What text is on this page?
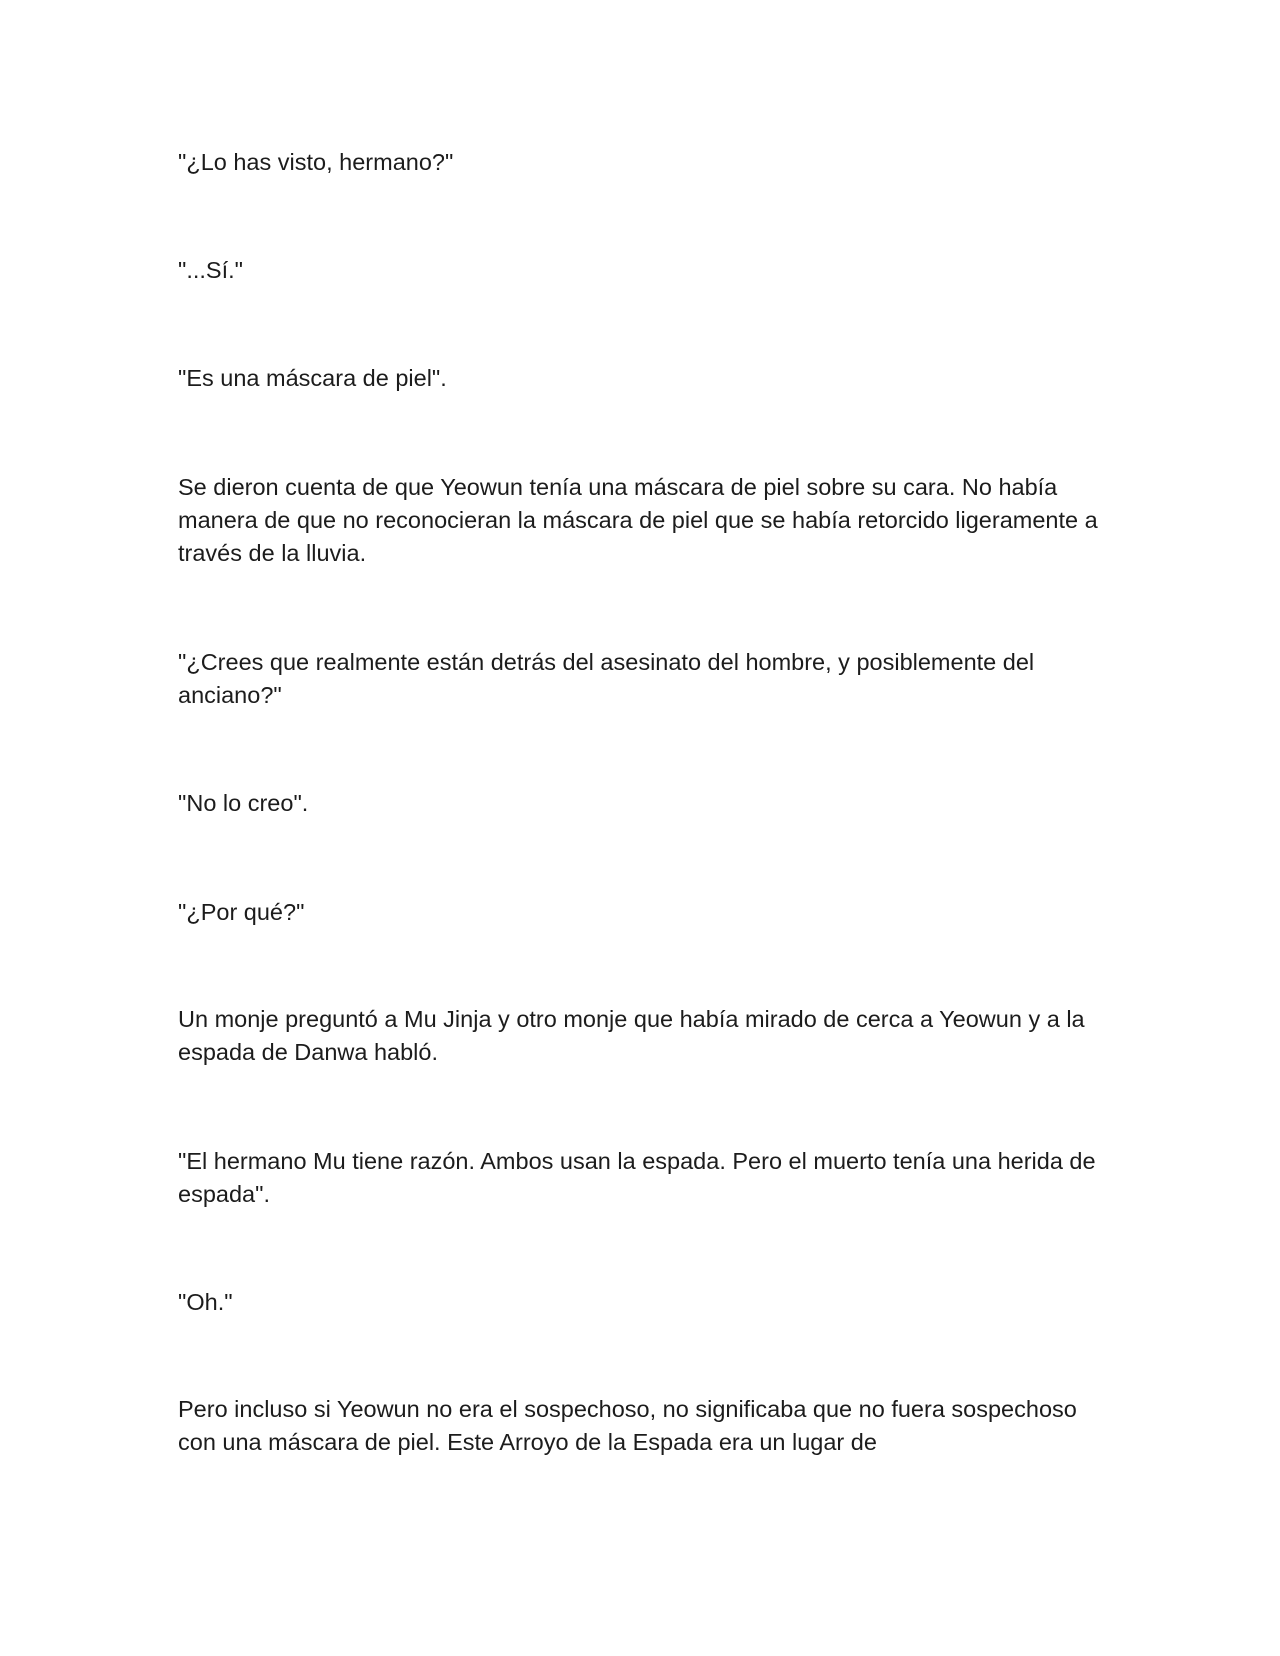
"¿Lo has visto, hermano?"

"...Sí."

"Es una máscara de piel".

Se dieron cuenta de que Yeowun tenía una máscara de piel sobre su cara. No había manera de que no reconocieran la máscara de piel que se había retorcido ligeramente a través de la lluvia.

"¿Crees que realmente están detrás del asesinato del hombre, y posiblemente del anciano?"

"No lo creo".

"¿Por qué?"

Un monje preguntó a Mu Jinja y otro monje que había mirado de cerca a Yeowun y a la espada de Danwa habló.

"El hermano Mu tiene razón. Ambos usan la espada. Pero el muerto tenía una herida de espada".

"Oh."

Pero incluso si Yeowun no era el sospechoso, no significaba que no fuera sospechoso con una máscara de piel. Este Arroyo de la Espada era un lugar de
